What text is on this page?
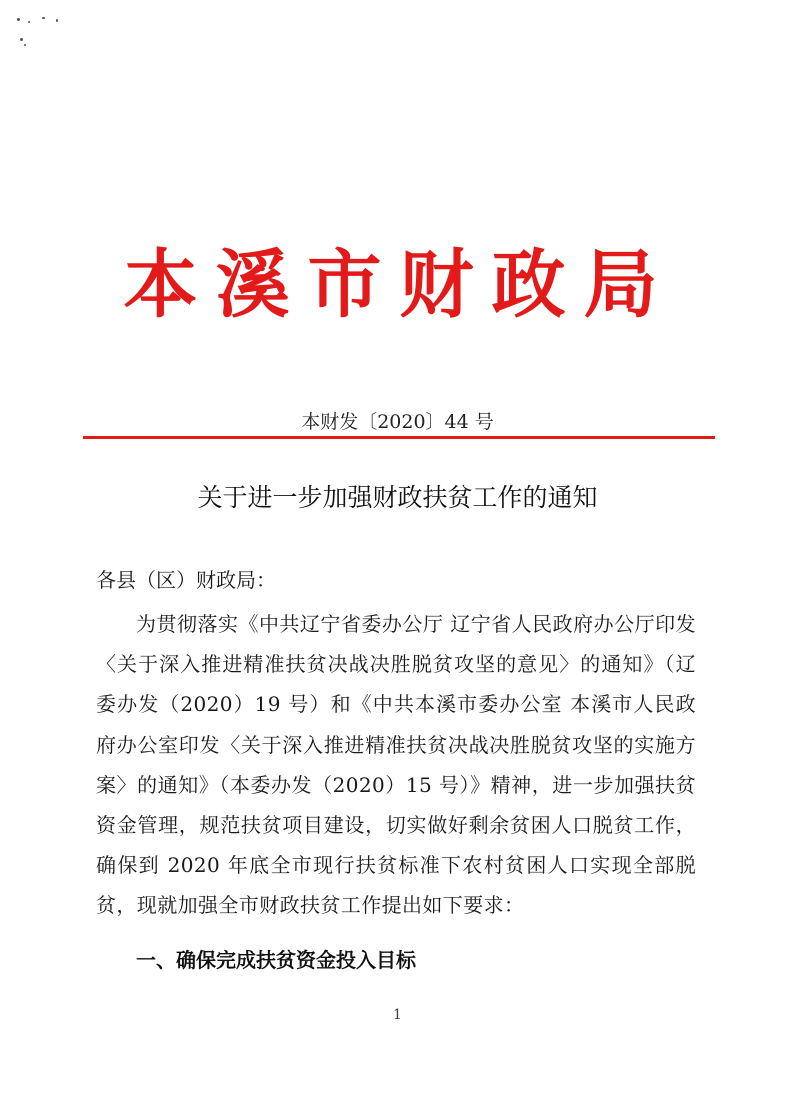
本溪市财政局
本财发〔2020〕44 号
关于进一步加强财政扶贫工作的通知
各县（区）财政局：
为贯彻落实《中共辽宁省委办公厅 辽宁省人民政府办公厅印发〈关于深入推进精准扶贫决战决胜脱贫攻坚的意见〉的通知》（辽委办发（2020）19 号）和《中共本溪市委办公室 本溪市人民政府办公室印发〈关于深入推进精准扶贫决战决胜脱贫攻坚的实施方案〉的通知》（本委办发（2020）15 号）》精神，进一步加强扶贫资金管理，规范扶贫项目建设，切实做好剩余贫困人口脱贫工作，确保到 2020 年底全市现行扶贫标准下农村贫困人口实现全部脱贫，现就加强全市财政扶贫工作提出如下要求：
一、确保完成扶贫资金投入目标
1
